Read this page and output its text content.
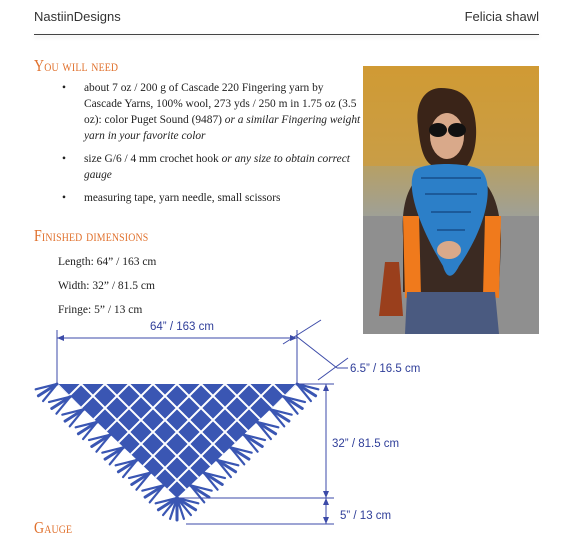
NastiinDesigns	Felicia shawl
You will need
• about 7 oz / 200 g of Cascade 220 Fingering yarn by Cascade Yarns, 100% wool, 273 yds / 250 m in 1.75 oz (3.5 oz): color Puget Sound (9487) or a similar Fingering weight yarn in your favorite color
• size G/6 / 4 mm crochet hook or any size to obtain correct gauge
• measuring tape, yarn needle, small scissors
Finished dimensions
Length: 64” / 163 cm
Width: 32” / 81.5 cm
Fringe: 5” / 13 cm
64” / 163 cm
6.5” / 16.5 cm
32” / 81.5 cm
5” / 13 cm
Gauge
